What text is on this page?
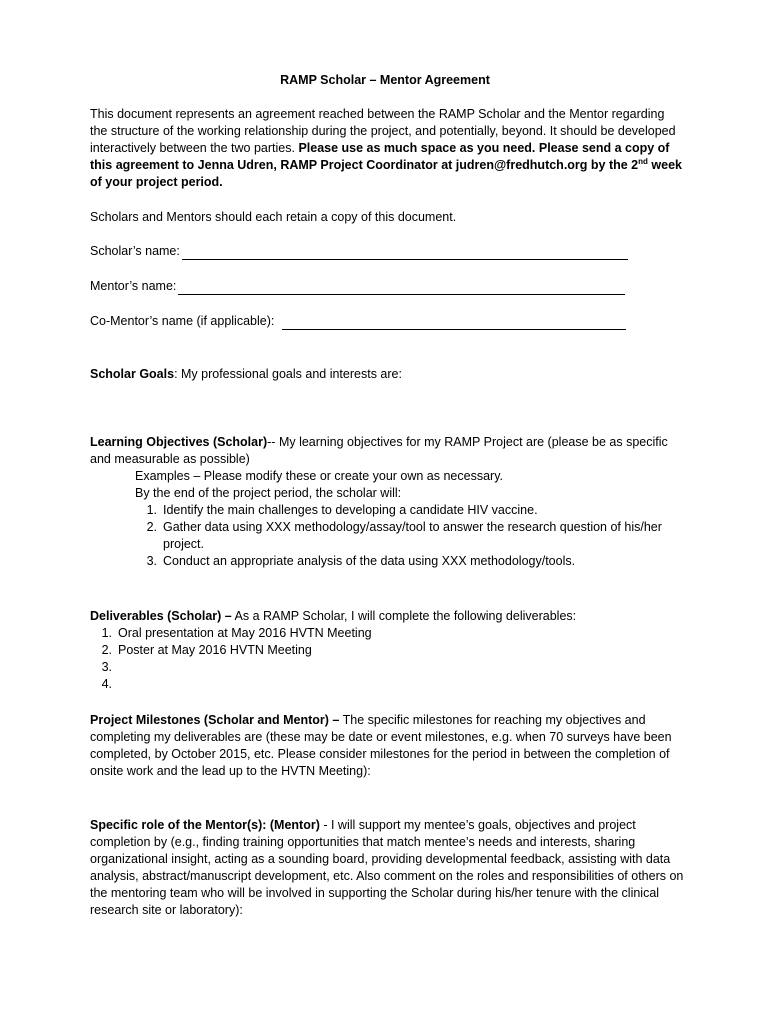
RAMP Scholar – Mentor Agreement
This document represents an agreement reached between the RAMP Scholar and the Mentor regarding the structure of the working relationship during the project, and potentially, beyond. It should be developed interactively between the two parties. Please use as much space as you need. Please send a copy of this agreement to Jenna Udren, RAMP Project Coordinator at judren@fredhutch.org by the 2nd week of your project period.
Scholars and Mentors should each retain a copy of this document.
Scholar’s name:
Mentor’s name:
Co-Mentor’s name (if applicable):
Scholar Goals: My professional goals and interests are:
Learning Objectives (Scholar)-- My learning objectives for my RAMP Project are (please be as specific and measurable as possible)
Examples – Please modify these or create your own as necessary.
By the end of the project period, the scholar will:
1. Identify the main challenges to developing a candidate HIV vaccine.
2. Gather data using XXX methodology/assay/tool to answer the research question of his/her project.
3. Conduct an appropriate analysis of the data using XXX methodology/tools.
Deliverables (Scholar) – As a RAMP Scholar, I will complete the following deliverables:
1. Oral presentation at May 2016 HVTN Meeting
2. Poster at May 2016 HVTN Meeting
3.
4.
Project Milestones (Scholar and Mentor) – The specific milestones for reaching my objectives and completing my deliverables are (these may be date or event milestones, e.g. when 70 surveys have been completed, by October 2015, etc. Please consider milestones for the period in between the completion of onsite work and the lead up to the HVTN Meeting):
Specific role of the Mentor(s): (Mentor) - I will support my mentee’s goals, objectives and project completion by (e.g., finding training opportunities that match mentee’s needs and interests, sharing organizational insight, acting as a sounding board, providing developmental feedback, assisting with data analysis, abstract/manuscript development, etc. Also comment on the roles and responsibilities of others on the mentoring team who will be involved in supporting the Scholar during his/her tenure with the clinical research site or laboratory):
